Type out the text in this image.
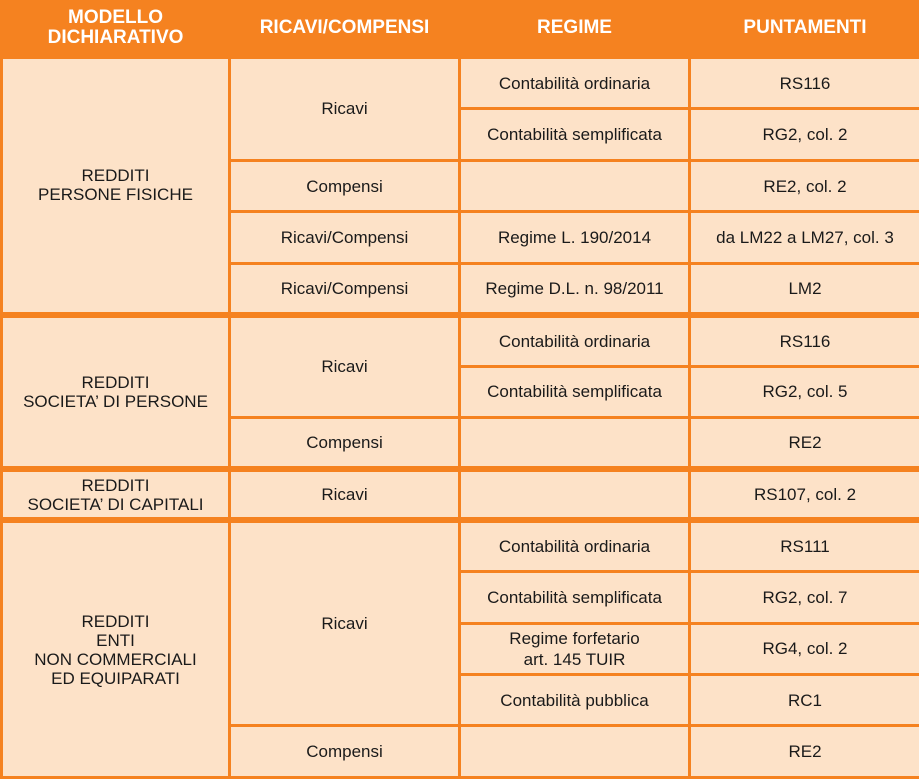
MODELLO
DICHIARATIVO	RICAVI/COMPENSI	REGIME	PUNTAMENTI

REDDITI
PERSONE FISICHE	Ricavi	Contabilità ordinaria	RS116
		Contabilità semplificata	RG2, col. 2
	Compensi		RE2, col. 2
	Ricavi/Compensi	Regime L. 190/2014	da LM22 a LM27, col. 3
	Ricavi/Compensi	Regime D.L. n. 98/2011	LM2

REDDITI
SOCIETA’ DI PERSONE	Ricavi	Contabilità ordinaria	RS116
		Contabilità semplificata	RG2, col. 5
	Compensi		RE2

REDDITI
SOCIETA’ DI CAPITALI	Ricavi		RS107, col. 2

REDDITI
ENTI
NON COMMERCIALI
ED EQUIPARATI	Ricavi	Contabilità ordinaria	RS111
		Contabilità semplificata	RG2, col. 7

		Regime forfetario
art. 145 TUIR	RG4, col. 2
		Contabilità pubblica	RC1
	Compensi		RE2
